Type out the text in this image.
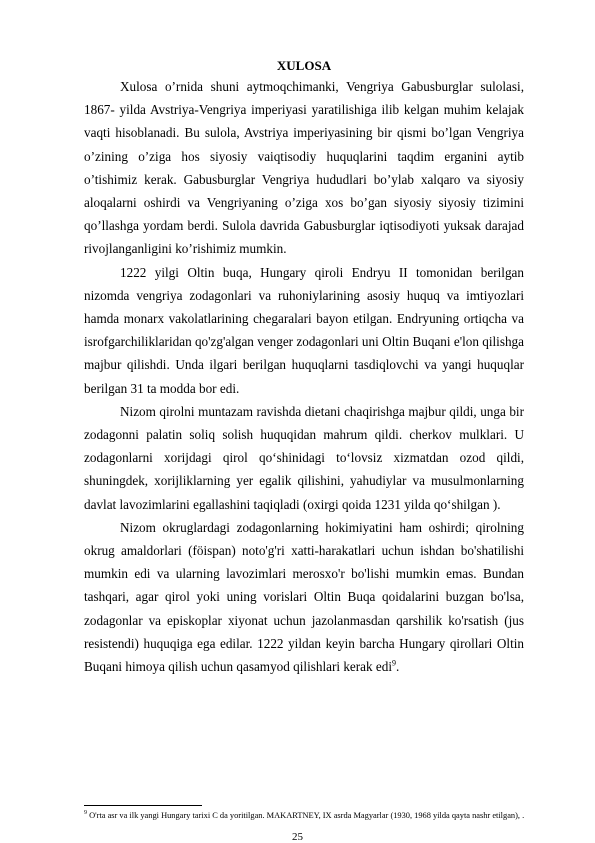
XULOSA

Xulosa o’rnida shuni aytmoqchimanki, Vengriya Gabusburglar sulolasi, 1867- yilda Avstriya-Vengriya imperiyasi yaratilishiga ilib kelgan muhim kelajak vaqti hisoblanadi. Bu sulola, Avstriya imperiyasining bir qismi bo’lgan Vengriya o’zining o’ziga hos siyosiy vaiqtisodiy huquqlarini taqdim erganini aytib o’tishimiz kerak. Gabusburglar Vengriya hududlari bo’ylab xalqaro va siyosiy aloqalarni oshirdi va Vengriyaning o’ziga xos bo’gan siyosiy siyosiy tizimini qo’llashga yordam berdi. Sulola davrida Gabusburglar iqtisodiyoti yuksak darajad rivojlanganligini ko’rishimiz mumkin.

1222 yilgi Oltin buqa, Hungary qiroli Endryu II tomonidan berilgan nizomda vengriya zodagonlari va ruhoniylarining asosiy huquq va imtiyozlari hamda monarx vakolatlarining chegaralari bayon etilgan. Endryuning ortiqcha va isrofgarchiliklaridan qo'zg'algan venger zodagonlari uni Oltin Buqani e'lon qilishga majbur qilishdi. Unda ilgari berilgan huquqlarni tasdiqlovchi va yangi huquqlar berilgan 31 ta modda bor edi.

Nizom qirolni muntazam ravishda dietani chaqirishga majbur qildi, unga bir zodagonni palatin soliq solish huquqidan mahrum qildi. cherkov mulklari. U zodagonlarni xorijdagi qirol qo‘shinidagi to‘lovsiz xizmatdan ozod qildi, shuningdek, xorijliklarning yer egalik qilishini, yahudiylar va musulmonlarning davlat lavozimlarini egallashini taqiqladi (oxirgi qoida 1231 yilda qo‘shilgan ).

Nizom okruglardagi zodagonlarning hokimiyatini ham oshirdi; qirolning okrug amaldorlari (föispan) noto'g'ri xatti-harakatlari uchun ishdan bo'shatilishi mumkin edi va ularning lavozimlari merosxo'r bo'lishi mumkin emas. Bundan tashqari, agar qirol yoki uning vorislari Oltin Buqa qoidalarini buzgan bo'lsa, zodagonlar va episkoplar xiyonat uchun jazolanmasdan qarshilik ko'rsatish (jus resistendi) huquqiga ega edilar. 1222 yildan keyin barcha Hungary qirollari Oltin Buqani himoya qilish uchun qasamyod qilishlari kerak edi$^9$.

$^9$ O'rta asr va ilk yangi Hungary tarixi C da yoritilgan. MAKARTNEY, IX asrda Magyarlar (1930, 1968 yilda qayta nashr etilgan), .
25
